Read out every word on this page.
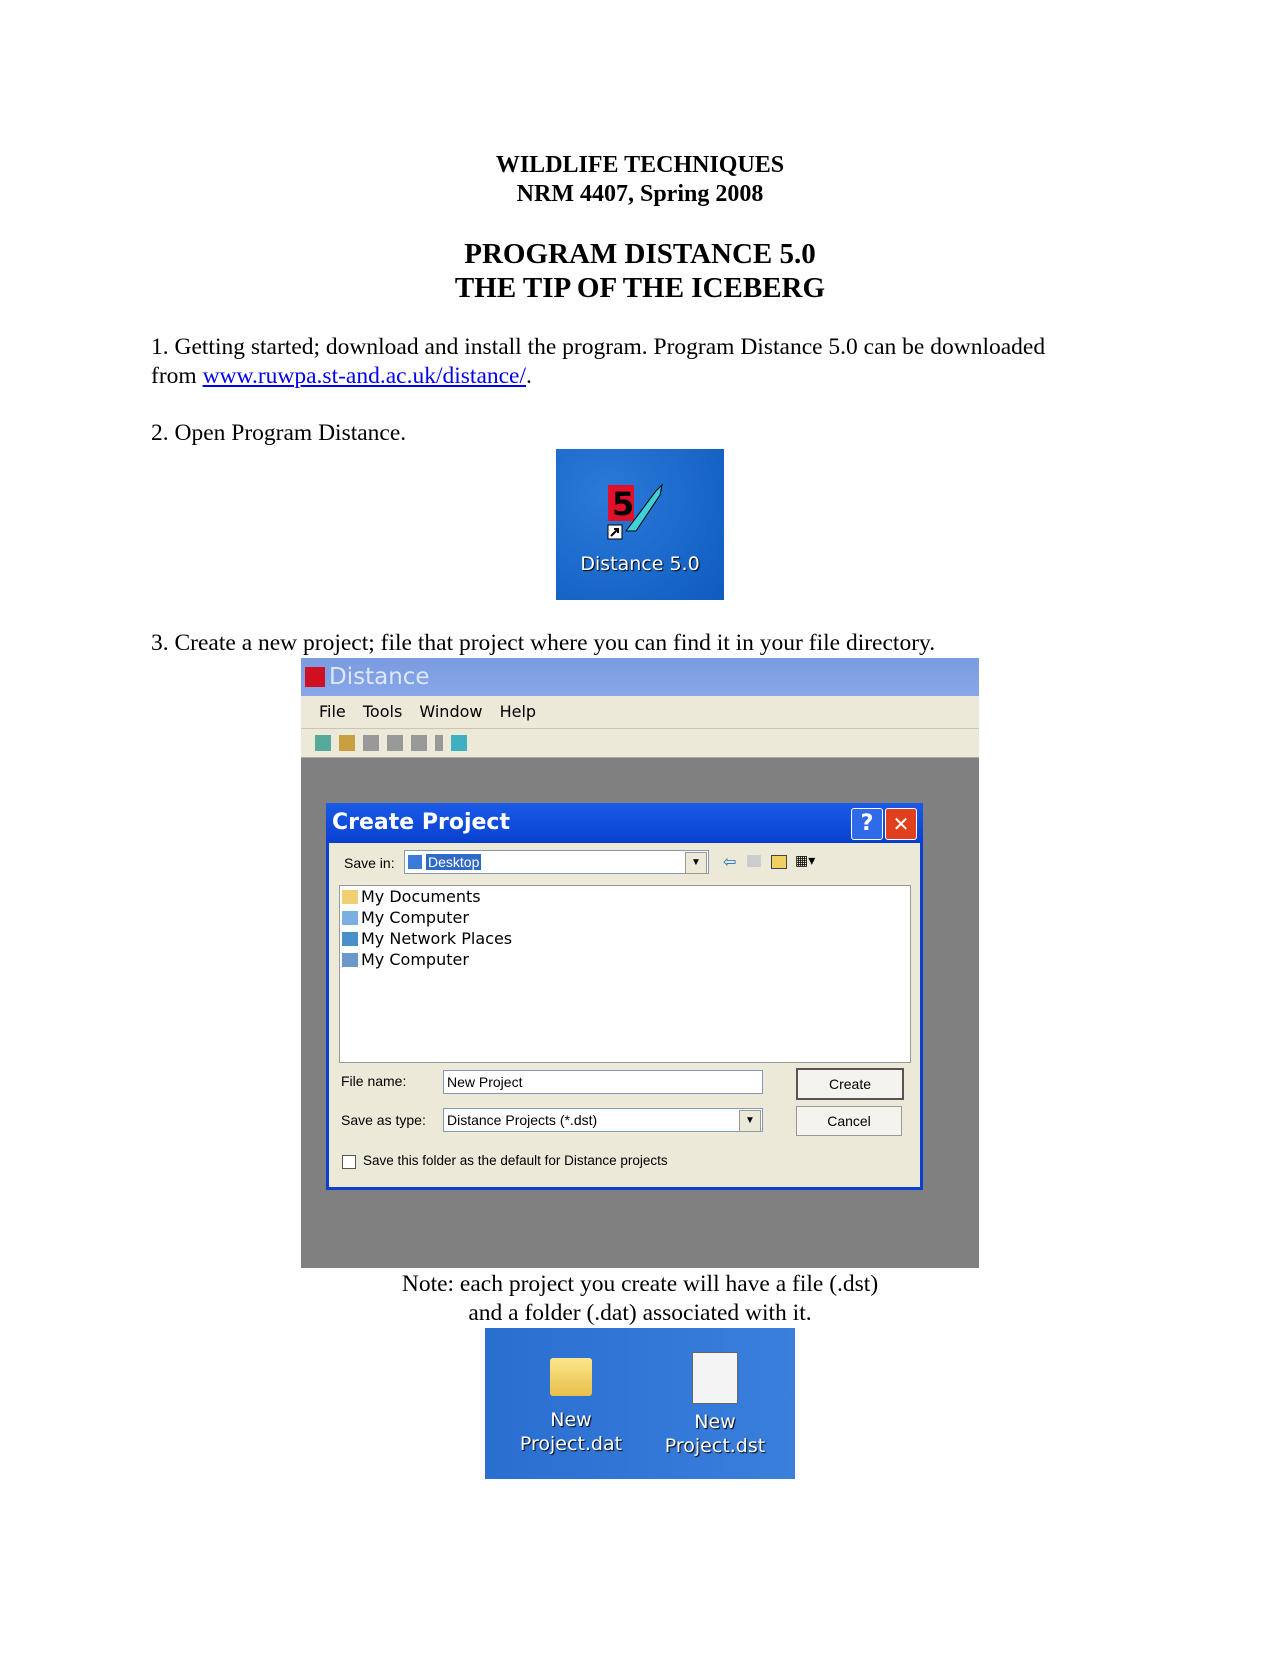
WILDLIFE TECHNIQUES
NRM 4407, Spring 2008
PROGRAM DISTANCE 5.0
THE TIP OF THE ICEBERG
1. Getting started; download and install the program. Program Distance 5.0 can be downloaded
from www.ruwpa.st-and.ac.uk/distance/.
2. Open Program Distance.
5
Distance 5.0
3. Create a new project; file that project where you can find it in your file directory.
Distance
File Tools Window Help
Create Project	? ✕
Save in:	Desktop	▼	⇦	▦▾
My Documents
My Computer
My Network Places
My Computer
File name:	New Project
Save as type: Distance Projects (*.dst)	▼
Create
Cancel
Save this folder as the default for Distance projects
Note: each project you create will have a file (.dst)
and a folder (.dat) associated with it.
New
Project.dat
New
Project.dst
